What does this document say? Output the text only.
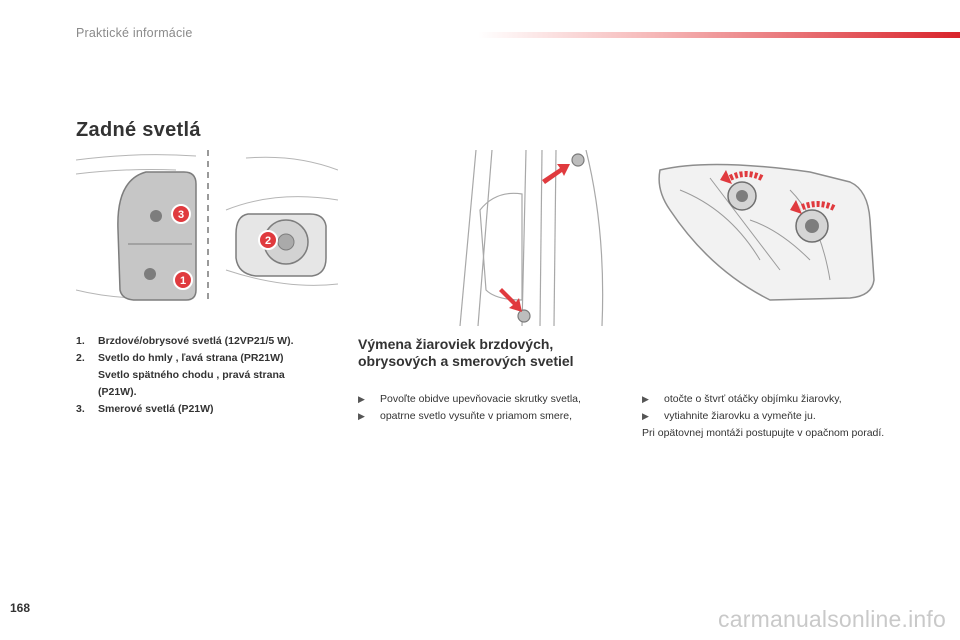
Praktické informácie
Zadné svetlá
3
1
2
1.	Brzdové/obrysové svetlá (12VP21/5 W).
2.	Svetlo do hmly , ľavá strana (PR21W)
Svetlo spätného chodu , pravá strana
(P21W).
3.	Smerové svetlá (P21W)
Výmena žiaroviek brzdových,
obrysových a smerových svetiel
▶	Povoľte obidve upevňovacie skrutky svetla,
▶	opatrne svetlo vysuňte v priamom smere,
▶	otočte o štvrť otáčky objímku žiarovky,
▶	vytiahnite žiarovku a vymeňte ju.
Pri opätovnej montáži postupujte v opačnom poradí.
168	carmanualsonline.info
